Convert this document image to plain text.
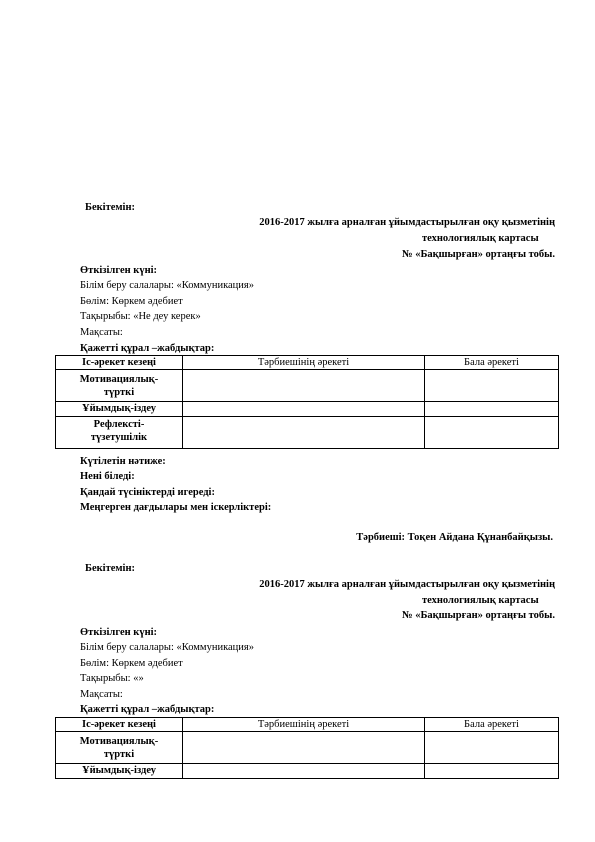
Бекітемін:
2016-2017 жылға арналған ұйымдастырылған оқу қызметінің
технологиялық картасы
№ «Бақшырған» ортаңғы тобы.
Өткізілген күні:
Білім беру салалары: «Коммуникация»
Бөлім: Көркем әдебиет
Тақырыбы: «Не деу керек»
Мақсаты:
Қажетті құрал –жабдықтар:
Іс-әрекет кезеңі	Тәрбиешінің әрекеті	Бала әрекеті
Мотивациялық-түрткі		
Ұйымдық-іздеу		
Рефлексті-түзетушілік		
Күтілетін нәтиже:
Нені біледі:
Қандай түсініктерді игереді:
Меңгерген дағдылары мен іскерліктері:
Тәрбиеші: Тоқен Айдана Құнанбайқызы.
Бекітемін:
2016-2017 жылға арналған ұйымдастырылған оқу қызметінің
технологиялық картасы
№ «Бақшырған» ортаңғы тобы.
Өткізілген күні:
Білім беру салалары: «Коммуникация»
Бөлім: Көркем әдебиет
Тақырыбы: «»
Мақсаты:
Қажетті құрал –жабдықтар:
Іс-әрекет кезеңі	Тәрбиешінің әрекеті	Бала әрекеті
Мотивациялық-түрткі		
Ұйымдық-іздеу		
